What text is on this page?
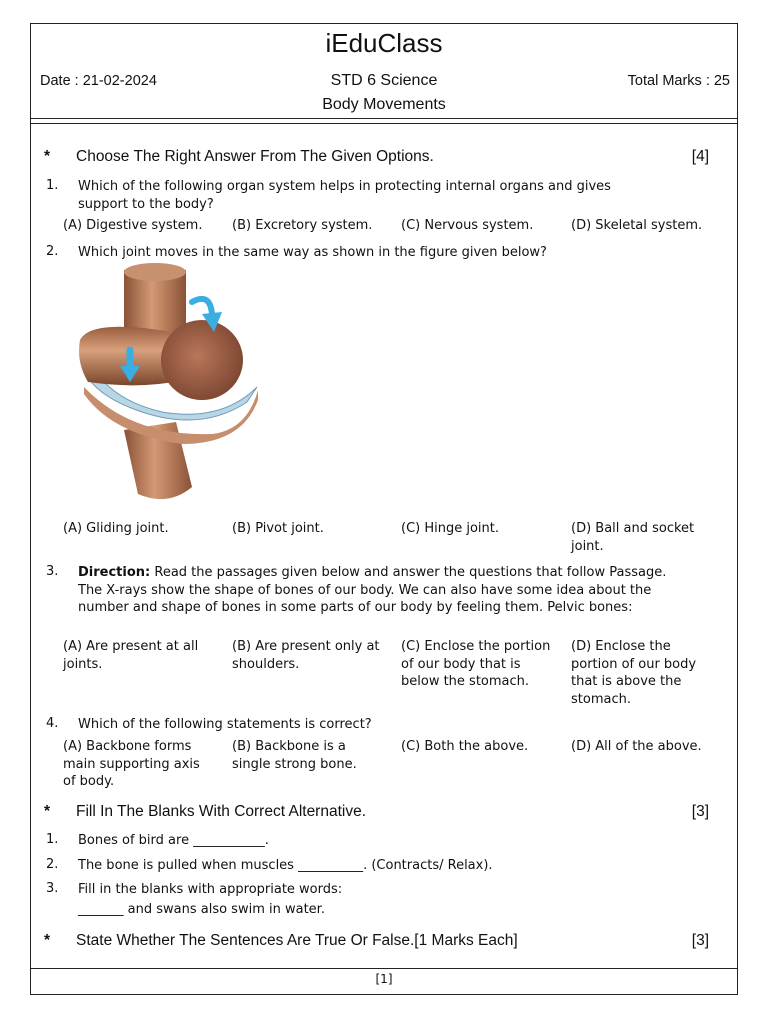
iEduClass
Date : 21-02-2024	STD 6 Science	Total Marks : 25
Body Movements
* Choose The Right Answer From The Given Options.	[4]
1. Which of the following organ system helps in protecting internal organs and gives support to the body?
(A) Digestive system.	(B) Excretory system.	(C) Nervous system.	(D) Skeletal system.
2. Which joint moves in the same way as shown in the figure given below?
(A) Gliding joint.	(B) Pivot joint.	(C) Hinge joint.	(D) Ball and socket joint.
3. Direction: Read the passages given below and answer the questions that follow Passage. The X-rays show the shape of bones of our body. We can also have some idea about the number and shape of bones in some parts of our body by feeling them. Pelvic bones:
(A) Are present at all joints.
(B) Are present only at shoulders.
(C) Enclose the portion of our body that is below the stomach.
(D) Enclose the portion of our body that is above the stomach.
4. Which of the following statements is correct?
(A) Backbone forms main supporting axis of body.
(B) Backbone is a single strong bone.
(C) Both the above.	(D) All of the above.
* Fill In The Blanks With Correct Alternative.	[3]
1. Bones of bird are ___________.
2. The bone is pulled when muscles __________. (Contracts/ Relax).
3. Fill in the blanks with appropriate words:
_______ and swans also swim in water.
* State Whether The Sentences Are True Or False.[1 Marks Each]	[3]
[1]
